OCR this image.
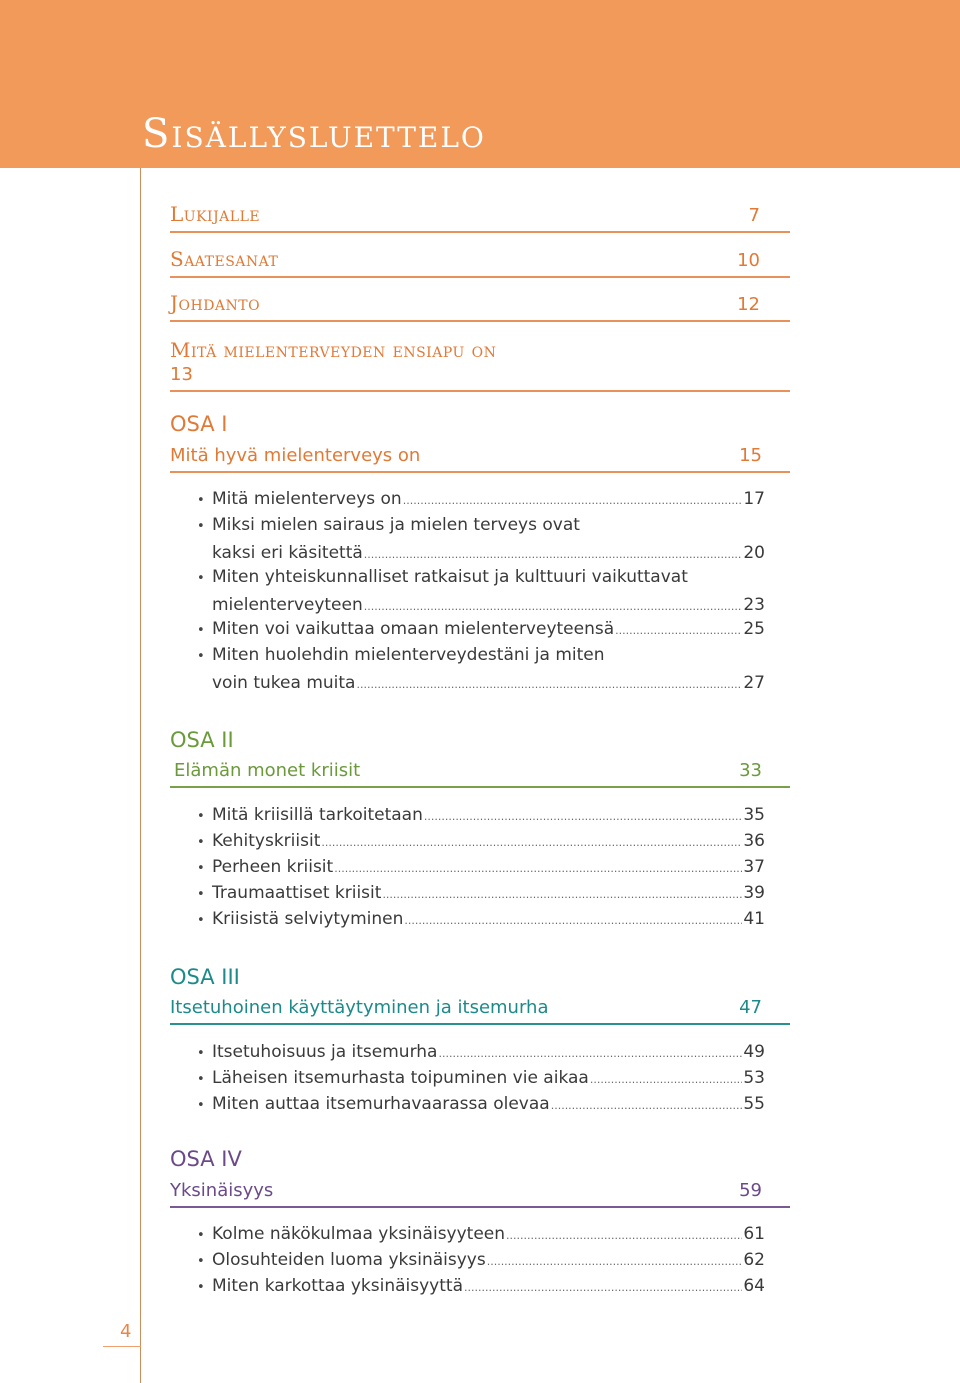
Sisällysluettelo
Lukijalle	7
Saatesanat	10
Johdanto	12
Mitä mielenterveyden ensiapu on
13
OSA I
Mitä hyvä mielenterveys on	15
• Mitä mielenterveys on .....	17
• Miksi mielen sairaus ja mielen terveys ovat
kaksi eri käsitettä .....	20
• Miten yhteiskunnalliset ratkaisut ja kulttuuri vaikuttavat
mielenterveyteen .....	23
• Miten voi vaikuttaa omaan mielenterveyteensä .....	25
• Miten huolehdin mielenterveydestäni ja miten
voin tukea muita .....	27
OSA II
Elämän monet kriisit	33
• Mitä kriisillä tarkoitetaan .....	35
• Kehityskriisit .....	36
• Perheen kriisit .....	37
• Traumaattiset kriisit .....	39
• Kriisistä selviytyminen .....	41
OSA III
Itsetuhoinen käyttäytyminen ja itsemurha	47
• Itsetuhoisuus ja itsemurha .....	49
• Läheisen itsemurhasta toipuminen vie aikaa .....	53
• Miten auttaa itsemurhavaarassa olevaa .....	55
OSA IV
Yksinäisyys	59
• Kolme näkökulmaa yksinäisyyteen .....	61
• Olosuhteiden luoma yksinäisyys .....	62
• Miten karkottaa yksinäisyyttä .....	64
4
